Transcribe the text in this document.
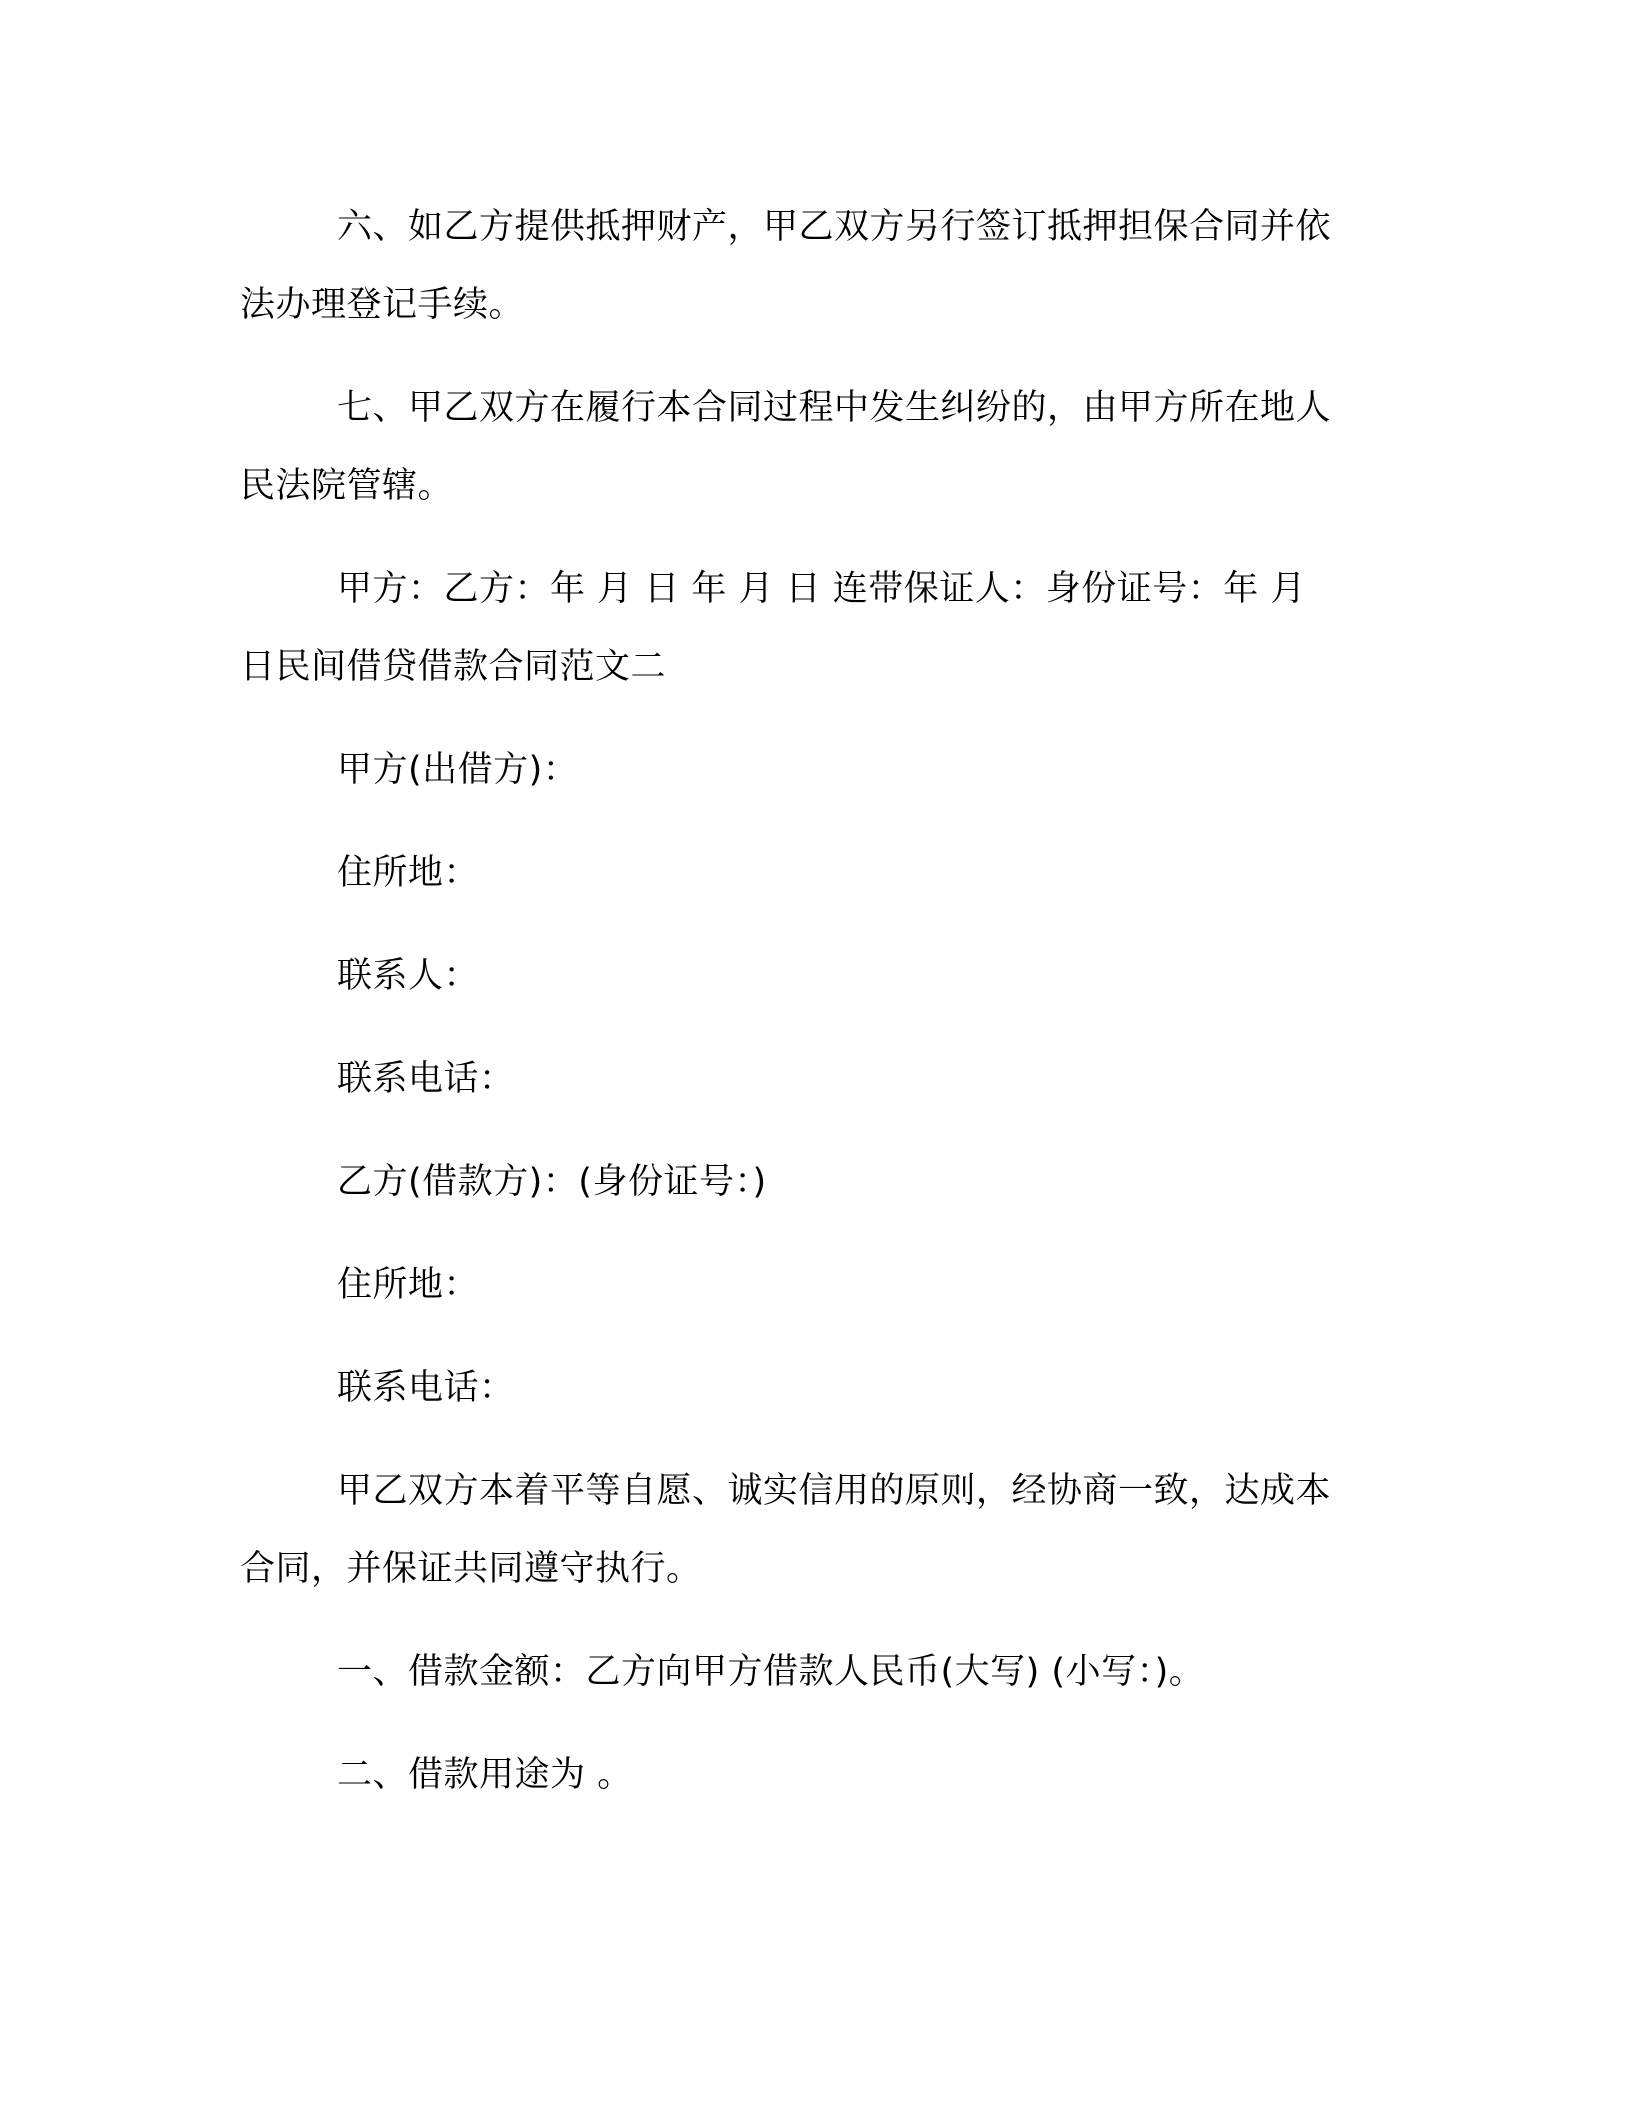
六、如乙方提供抵押财产，甲乙双方另行签订抵押担保合同并依
法办理登记手续。

七、甲乙双方在履行本合同过程中发生纠纷的，由甲方所在地人
民法院管辖。

甲方：乙方：年 月 日 年 月 日 连带保证人：身份证号：年 月
日民间借贷借款合同范文二

甲方(出借方)：

住所地：

联系人：

联系电话：

乙方(借款方)：(身份证号：)

住所地：

联系电话：

甲乙双方本着平等自愿、诚实信用的原则，经协商一致，达成本
合同，并保证共同遵守执行。

一、借款金额：乙方向甲方借款人民币(大写) (小写：)。

二、借款用途为 。
